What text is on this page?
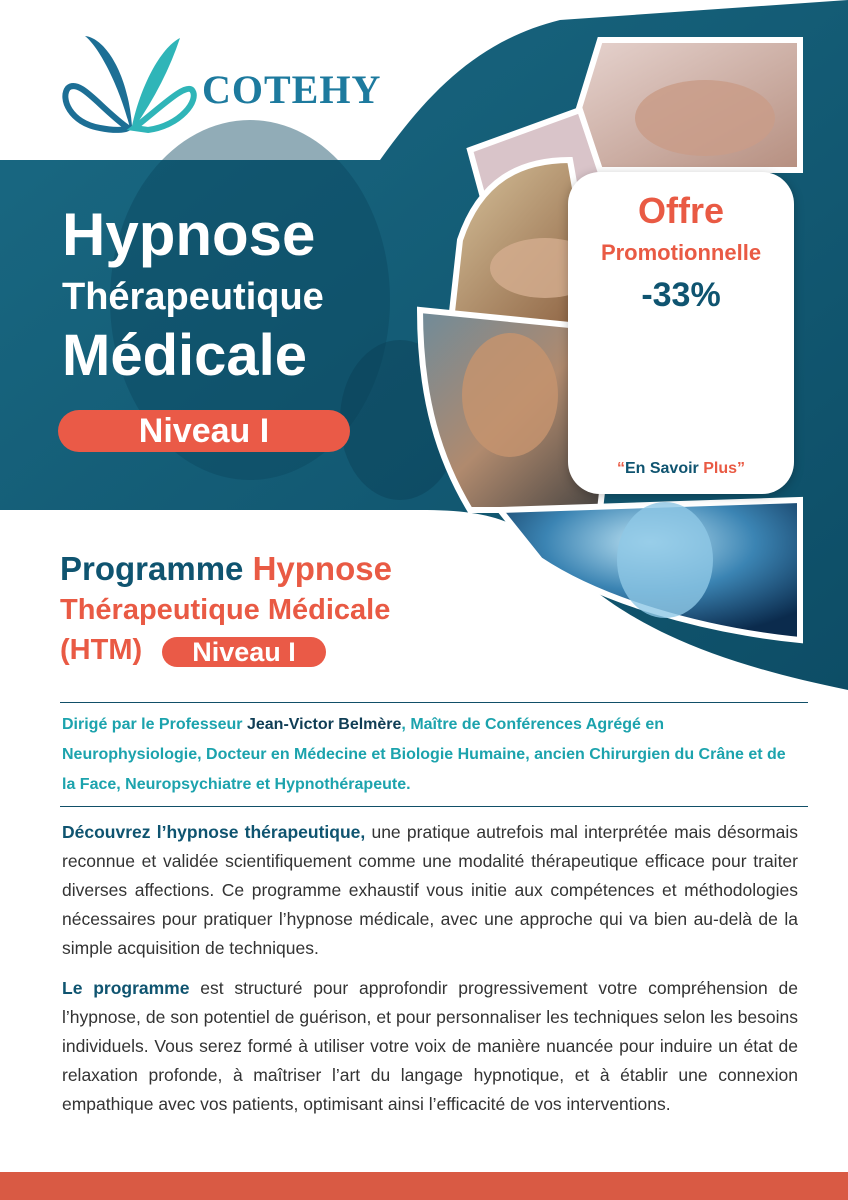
COTEHY
Hypnose
Thérapeutique
Médicale
Niveau I
Offre
Promotionnelle
-33%
“En Savoir Plus”
Programme Hypnose
Thérapeutique Médicale
(HTM)	Niveau I
Dirigé par le Professeur Jean-Victor Belmère, Maître de Conférences Agrégé en Neurophysiologie, Docteur en Médecine et Biologie Humaine, ancien Chirurgien du Crâne et de la Face, Neuropsychiatre et Hypnothérapeute.
Découvrez l’hypnose thérapeutique, une pratique autrefois mal interprétée mais désormais reconnue et validée scientifiquement comme une modalité thérapeutique efficace pour traiter diverses affections. Ce programme exhaustif vous initie aux compétences et méthodologies nécessaires pour pratiquer l’hypnose médicale, avec une approche qui va bien au-delà de la simple acquisition de techniques.
Le programme est structuré pour approfondir progressivement votre compréhension de l’hypnose, de son potentiel de guérison, et pour personnaliser les techniques selon les besoins individuels. Vous serez formé à utiliser votre voix de manière nuancée pour induire un état de relaxation profonde, à maîtriser l’art du langage hypnotique, et à établir une connexion empathique avec vos patients, optimisant ainsi l’efficacité de vos interventions.
